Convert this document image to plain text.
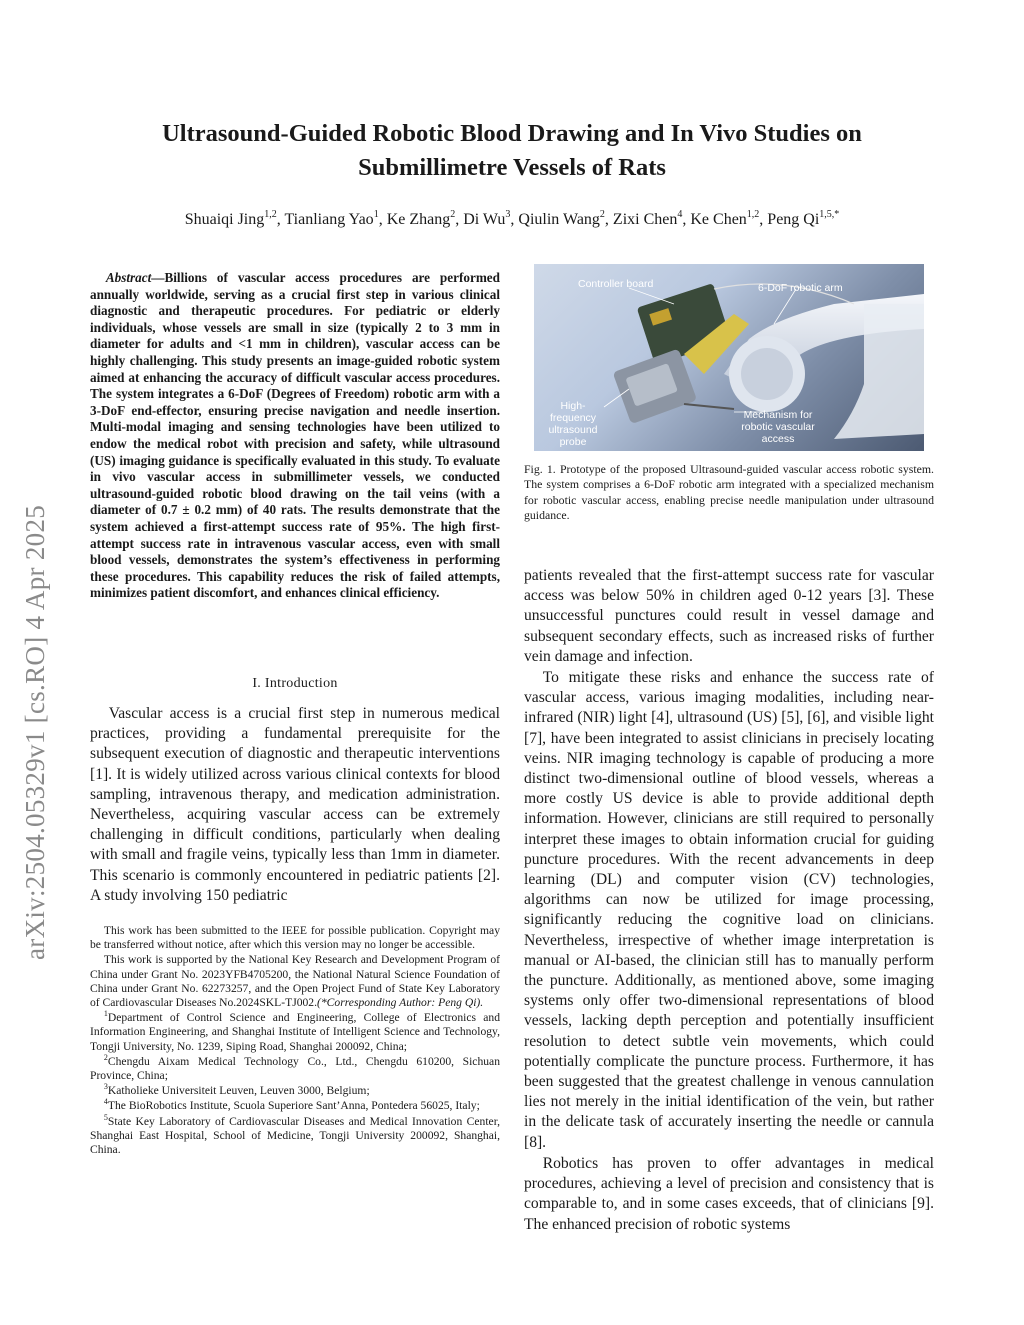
arXiv:2504.05329v1 [cs.RO] 4 Apr 2025
Ultrasound-Guided Robotic Blood Drawing and In Vivo Studies on
Submillimetre Vessels of Rats
Shuaiqi Jing$^{1,2}$, Tianliang Yao$^1$, Ke Zhang$^2$, Di Wu$^3$, Qiulin Wang$^2$, Zixi Chen$^4$, Ke Chen$^{1,2}$, Peng $Qi^{1,5,*}$
Abstract—Billions of vascular access procedures are performed annually worldwide, serving as a crucial first step in various clinical diagnostic and therapeutic procedures. For pediatric or elderly individuals, whose vessels are small in size (typically 2 to 3 mm in diameter for adults and <1 mm in children), vascular access can be highly challenging. This study presents an image-guided robotic system aimed at enhancing the accuracy of difficult vascular access procedures. The system integrates a 6-DoF (Degrees of Freedom) robotic arm with a 3-DoF end-effector, ensuring precise navigation and needle insertion. Multi-modal imaging and sensing technologies have been utilized to endow the medical robot with precision and safety, while ultrasound (US) imaging guidance is specifically evaluated in this study. To evaluate in vivo vascular access in submillimeter vessels, we conducted ultrasound-guided robotic blood drawing on the tail veins (with a diameter of 0.7 ± 0.2 mm) of 40 rats. The results demonstrate that the system achieved a first-attempt success rate of 95%. The high first-attempt success rate in intravenous vascular access, even with small blood vessels, demonstrates the system’s effectiveness in performing these procedures. This capability reduces the risk of failed attempts, minimizes patient discomfort, and enhances clinical efficiency.
I. Introduction

Vascular access is a crucial first step in numerous medical practices, providing a fundamental prerequisite for the subsequent execution of diagnostic and therapeutic interventions [1]. It is widely utilized across various clinical contexts for blood sampling, intravenous therapy, and medication administration. Nevertheless, acquiring vascular access can be extremely challenging in difficult conditions, particularly when dealing with small and fragile veins, typically less than 1mm in diameter. This scenario is commonly encountered in pediatric patients [2]. A study involving 150 pediatric

This work has been submitted to the IEEE for possible publication. Copyright may be transferred without notice, after which this version may no longer be accessible.

This work is supported by the National Key Research and Development Program of China under Grant No. 2023YFB4705200, the National Natural Science Foundation of China under Grant No. 62273257, and the Open Project Fund of State Key Laboratory of Cardiovascular Diseases No.2024SKL-TJ002.(*Corresponding Author: Peng Qi).

$^1$Department of Control Science and Engineering, College of Electronics and Information Engineering, and Shanghai Institute of Intelligent Science and Technology, Tongji University, No. 1239, Siping Road, Shanghai 200092, China;

$^2$Chengdu Aixam Medical Technology Co., Ltd., Chengdu 610200, Sichuan Province, China;

$^3$Katholieke Universiteit Leuven, Leuven 3000, Belgium;

$^4$The BioRobotics Institute, Scuola Superiore Sant’Anna, Pontedera 56025, Italy;

$^5$State Key Laboratory of Cardiovascular Diseases and Medical Innovation Center, Shanghai East Hospital, School of Medicine, Tongji University 200092, Shanghai, China.

Controller board	6-DoF robotic arm
High-frequency ultrasound probe
Mechanism for robotic vascular access
Fig. 1. Prototype of the proposed Ultrasound-guided vascular access robotic system. The system comprises a 6-DoF robotic arm integrated with a specialized mechanism for robotic vascular access, enabling precise needle manipulation under ultrasound guidance.

patients revealed that the first-attempt success rate for vascular access was below 50% in children aged 0-12 years [3]. These unsuccessful punctures could result in vessel damage and subsequent secondary effects, such as increased risks of further vein damage and infection.

To mitigate these risks and enhance the success rate of vascular access, various imaging modalities, including near-infrared (NIR) light [4], ultrasound (US) [5], [6], and visible light [7], have been integrated to assist clinicians in precisely locating veins. NIR imaging technology is capable of producing a more distinct two-dimensional outline of blood vessels, whereas a more costly US device is able to provide additional depth information. However, clinicians are still required to personally interpret these images to obtain information crucial for guiding puncture procedures. With the recent advancements in deep learning (DL) and computer vision (CV) technologies, algorithms can now be utilized for image processing, significantly reducing the cognitive load on clinicians. Nevertheless, irrespective of whether image interpretation is manual or AI-based, the clinician still has to manually perform the puncture. Additionally, as mentioned above, some imaging systems only offer two-dimensional representations of blood vessels, lacking depth perception and potentially insufficient resolution to detect subtle vein movements, which could potentially complicate the puncture process. Furthermore, it has been suggested that the greatest challenge in venous cannulation lies not merely in the initial identification of the vein, but rather in the delicate task of accurately inserting the needle or cannula [8].

Robotics has proven to offer advantages in medical procedures, achieving a level of precision and consistency that is comparable to, and in some cases exceeds, that of clinicians [9]. The enhanced precision of robotic systems
